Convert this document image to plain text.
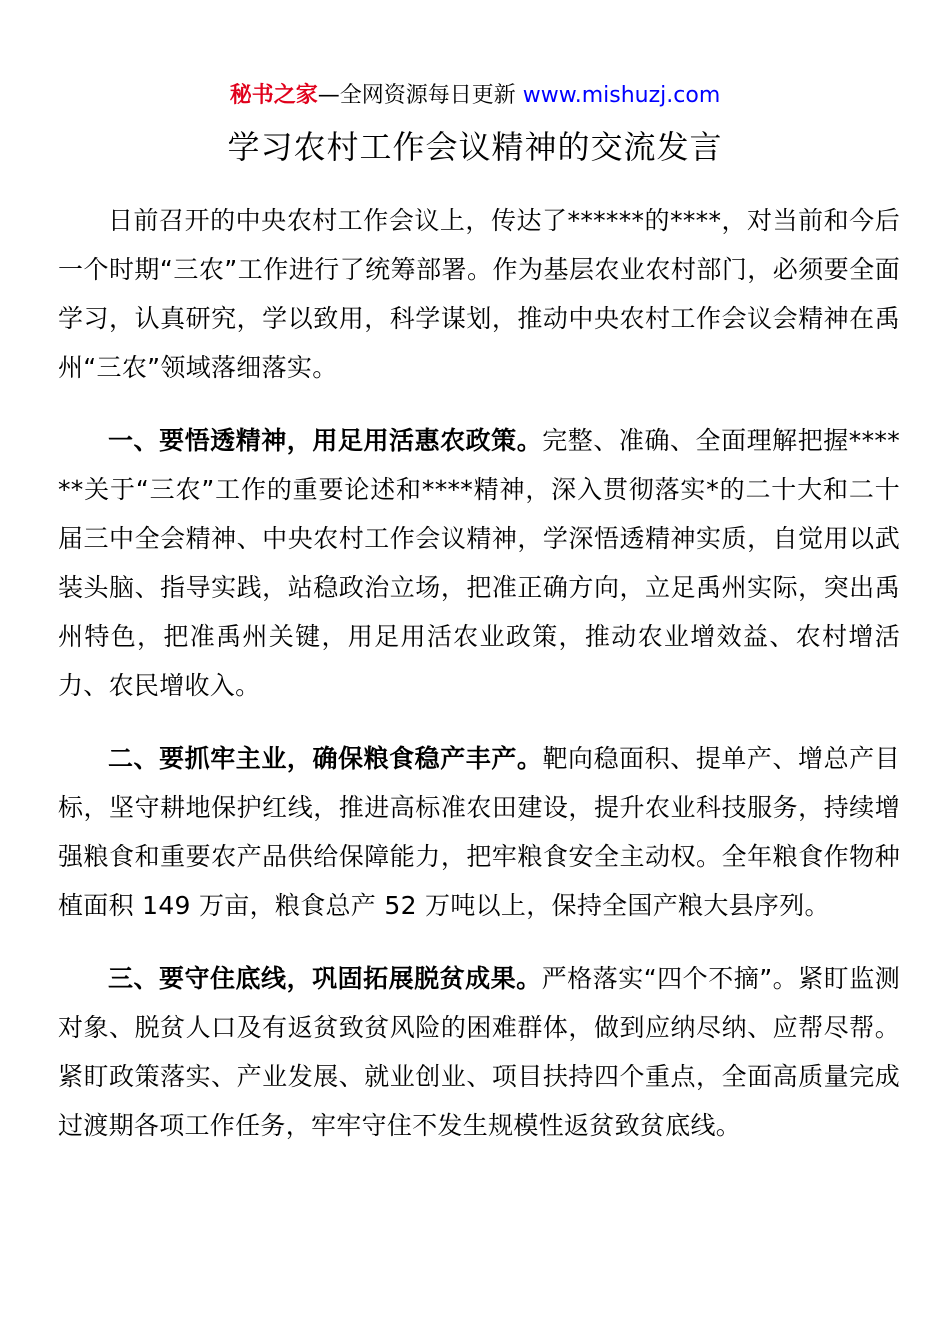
秘书之家—全网资源每日更新 www.mishuzj.com
学习农村工作会议精神的交流发言

日前召开的中央农村工作会议上，传达了******的****，对当前和今后一个时期“三农”工作进行了统筹部署。作为基层农业农村部门，必须要全面学习，认真研究，学以致用，科学谋划，推动中央农村工作会议会精神在禹州“三农”领域落细落实。

一、要悟透精神，用足用活惠农政策。完整、准确、全面理解把握******关于“三农”工作的重要论述和****精神，深入贯彻落实*的二十大和二十届三中全会精神、中央农村工作会议精神，学深悟透精神实质，自觉用以武装头脑、指导实践，站稳政治立场，把准正确方向，立足禹州实际，突出禹州特色，把准禹州关键，用足用活农业政策，推动农业增效益、农村增活力、农民增收入。

二、要抓牢主业，确保粮食稳产丰产。靶向稳面积、提单产、增总产目标，坚守耕地保护红线，推进高标准农田建设，提升农业科技服务，持续增强粮食和重要农产品供给保障能力，把牢粮食安全主动权。全年粮食作物种植面积 149 万亩，粮食总产 52 万吨以上，保持全国产粮大县序列。

三、要守住底线，巩固拓展脱贫成果。严格落实“四个不摘”。紧盯监测对象、脱贫人口及有返贫致贫风险的困难群体，做到应纳尽纳、应帮尽帮。紧盯政策落实、产业发展、就业创业、项目扶持四个重点，全面高质量完成过渡期各项工作任务，牢牢守住不发生规模性返贫致贫底线。
